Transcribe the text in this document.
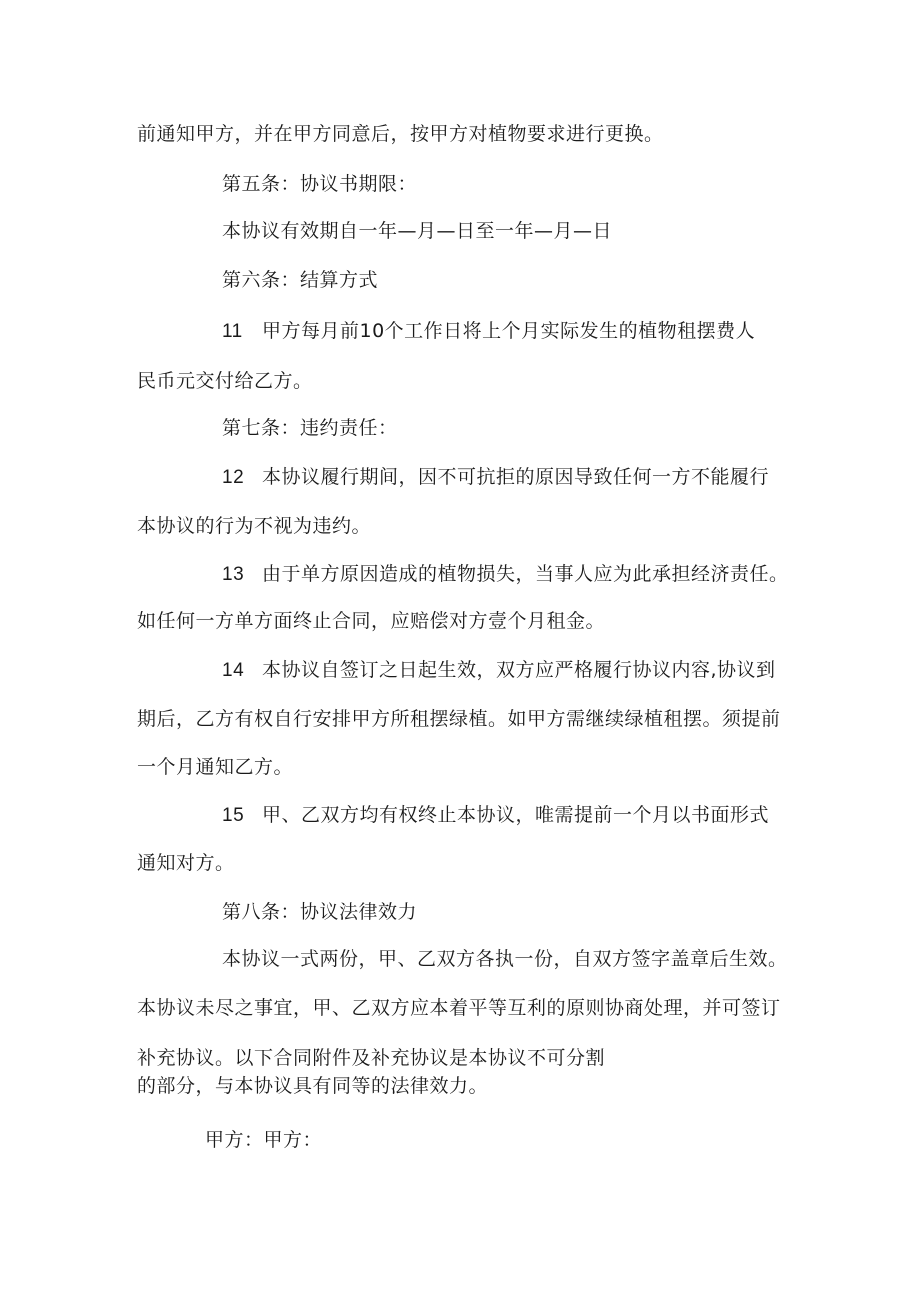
前通知甲方，并在甲方同意后，按甲方对植物要求进行更换。
第五条：协议书期限：
本协议有效期自一年—月—日至一年—月—日
第六条：结算方式
11 甲方每月前10个工作日将上个月实际发生的植物租摆费人
民币元交付给乙方。
第七条：违约责任：
12 本协议履行期间，因不可抗拒的原因导致任何一方不能履行
本协议的行为不视为违约。
13 由于单方原因造成的植物损失，当事人应为此承担经济责任。
如任何一方单方面终止合同，应赔偿对方壹个月租金。
14 本协议自签订之日起生效，双方应严格履行协议内容,协议到
期后，乙方有权自行安排甲方所租摆绿植。如甲方需继续绿植租摆。须提前
一个月通知乙方。
15 甲、乙双方均有权终止本协议，唯需提前一个月以书面形式
通知对方。
第八条：协议法律效力
本协议一式两份，甲、乙双方各执一份，自双方签字盖章后生效。
本协议未尽之事宜，甲、乙双方应本着平等互利的原则协商处理，并可签订
补充协议。以下合同附件及补充协议是本协议不可分割
的部分，与本协议具有同等的法律效力。
甲方：甲方：
